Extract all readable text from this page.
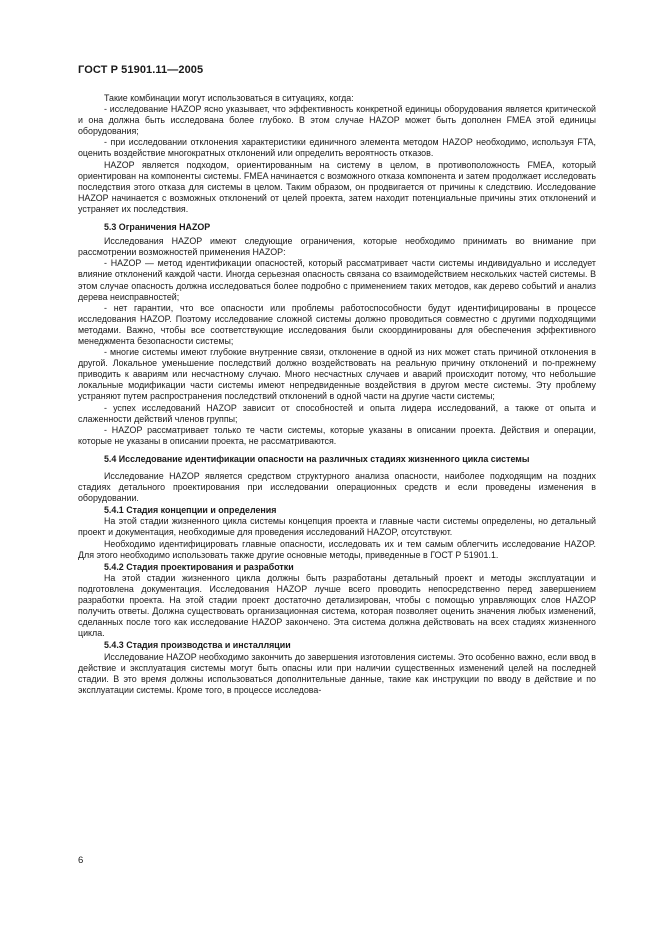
ГОСТ Р 51901.11—2005

Такие комбинации могут использоваться в ситуациях, когда:

- исследование HAZOP ясно указывает, что эффективность конкретной единицы оборудования является критической и она должна быть исследована более глубоко. В этом случае HAZOP может быть дополнен FMEA этой единицы оборудования;

- при исследовании отклонения характеристики единичного элемента методом HAZOP необходимо, используя FTA, оценить воздействие многократных отклонений или определить вероятность отказов.

HAZOP является подходом, ориентированным на систему в целом, в противоположность FMEA, который ориентирован на компоненты системы. FMEA начинается с возможного отказа компонента и затем продолжает исследовать последствия этого отказа для системы в целом. Таким образом, он продвигается от причины к следствию. Исследование HAZOP начинается с возможных отклонений от целей проекта, затем находит потенциальные причины этих отклонений и устраняет их последствия.

5.3 Ограничения HAZOP

Исследования HAZOP имеют следующие ограничения, которые необходимо принимать во внимание при рассмотрении возможностей применения HAZOP:

- HAZOP — метод идентификации опасностей, который рассматривает части системы индивидуально и исследует влияние отклонений каждой части. Иногда серьезная опасность связана со взаимодействием нескольких частей системы. В этом случае опасность должна исследоваться более подробно с применением таких методов, как дерево событий и анализ дерева неисправностей;

- нет гарантии, что все опасности или проблемы работоспособности будут идентифицированы в процессе исследования HAZOP. Поэтому исследование сложной системы должно проводиться совместно с другими подходящими методами. Важно, чтобы все соответствующие исследования были скоординированы для обеспечения эффективного менеджмента безопасности системы;

- многие системы имеют глубокие внутренние связи, отклонение в одной из них может стать причиной отклонения в другой. Локальное уменьшение последствий должно воздействовать на реальную причину отклонений и по-прежнему приводить к авариям или несчастному случаю. Много несчастных случаев и аварий происходит потому, что небольшие локальные модификации части системы имеют непредвиденные воздействия в другом месте системы. Эту проблему устраняют путем распространения последствий отклонений в одной части на другие части системы;

- успех исследований HAZOP зависит от способностей и опыта лидера исследований, а также от опыта и слаженности действий членов группы;

- HAZOP рассматривает только те части системы, которые указаны в описании проекта. Действия и операции, которые не указаны в описании проекта, не рассматриваются.

5.4 Исследование идентификации опасности на различных стадиях жизненного цикла системы

Исследование HAZOP является средством структурного анализа опасности, наиболее подходящим на поздних стадиях детального проектирования при исследовании операционных средств и если проведены изменения в оборудовании.

5.4.1 Стадия концепции и определения

На этой стадии жизненного цикла системы концепция проекта и главные части системы определены, но детальный проект и документация, необходимые для проведения исследований HAZOP, отсутствуют.

Необходимо идентифицировать главные опасности, исследовать их и тем самым облегчить исследование HAZOP. Для этого необходимо использовать также другие основные методы, приведенные в ГОСТ Р 51901.1.

5.4.2 Стадия проектирования и разработки

На этой стадии жизненного цикла должны быть разработаны детальный проект и методы эксплуатации и подготовлена документация. Исследования HAZOP лучше всего проводить непосредственно перед завершением разработки проекта. На этой стадии проект достаточно детализирован, чтобы с помощью управляющих слов HAZOP получить ответы. Должна существовать организационная система, которая позволяет оценить значения любых изменений, сделанных после того как исследование HAZOP закончено. Эта система должна действовать на всех стадиях жизненного цикла.

5.4.3 Стадия производства и инсталляции

Исследование HAZOP необходимо закончить до завершения изготовления системы. Это особенно важно, если ввод в действие и эксплуатация системы могут быть опасны или при наличии существенных изменений целей на последней стадии. В это время должны использоваться дополнительные данные, такие как инструкции по вводу в действие и по эксплуатации системы. Кроме того, в процессе исследова-

6
